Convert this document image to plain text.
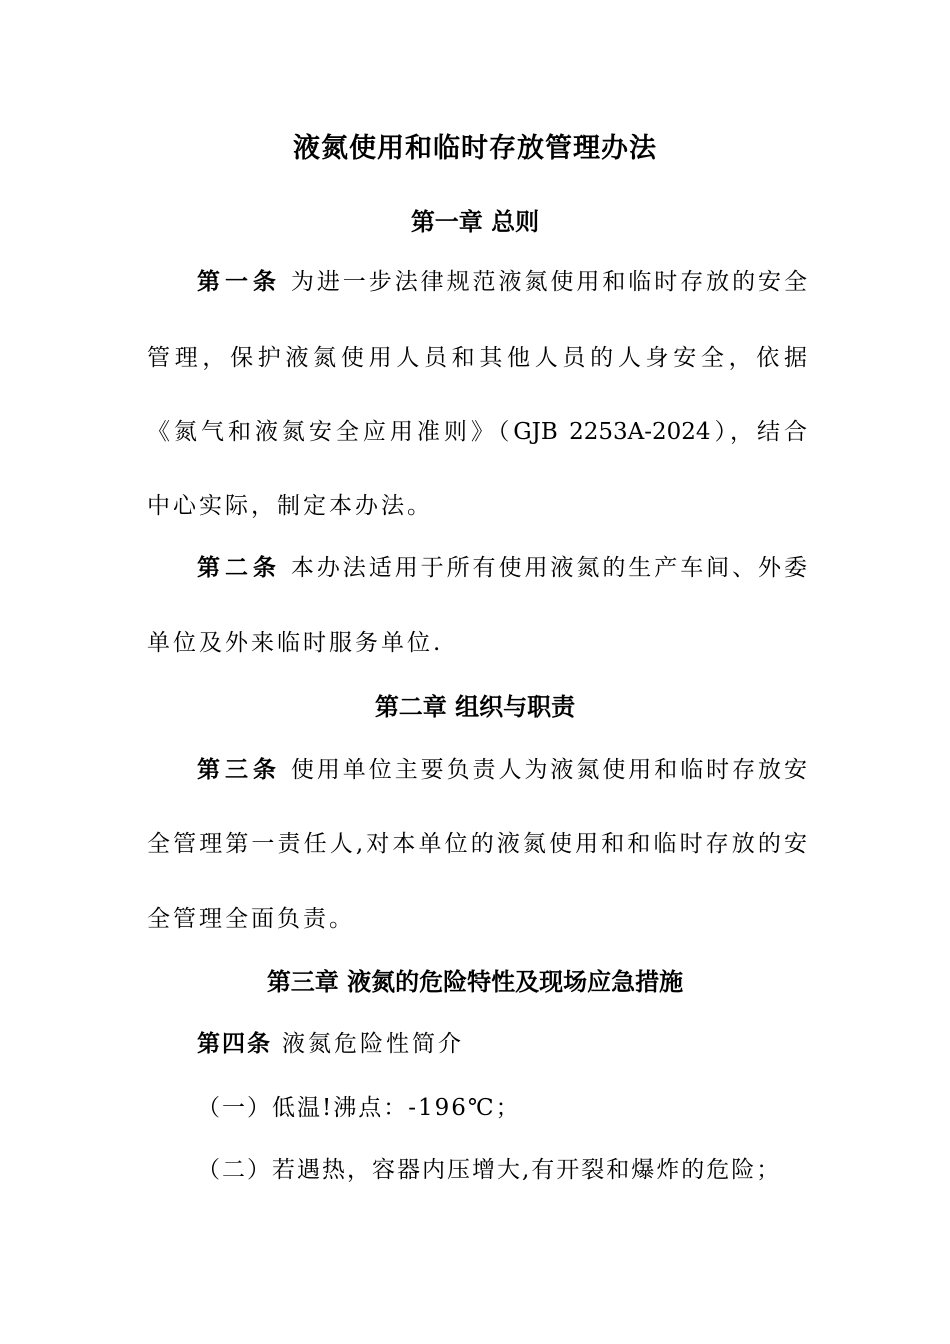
液氮使用和临时存放管理办法
第一章 总则
第一条 为进一步法律规范液氮使用和临时存放的安全
管理，保护液氮使用人员和其他人员的人身安全，依据
《氮气和液氮安全应用准则》（GJB 2253A-2024），结合
中心实际，制定本办法。
第二条 本办法适用于所有使用液氮的生产车间、外委
单位及外来临时服务单位.
第二章 组织与职责
第三条 使用单位主要负责人为液氮使用和临时存放安
全管理第一责任人,对本单位的液氮使用和和临时存放的安
全管理全面负责。
第三章 液氮的危险特性及现场应急措施
第四条 液氮危险性简介
（一）低温!沸点：-196℃；
（二）若遇热，容器内压增大,有开裂和爆炸的危险；
